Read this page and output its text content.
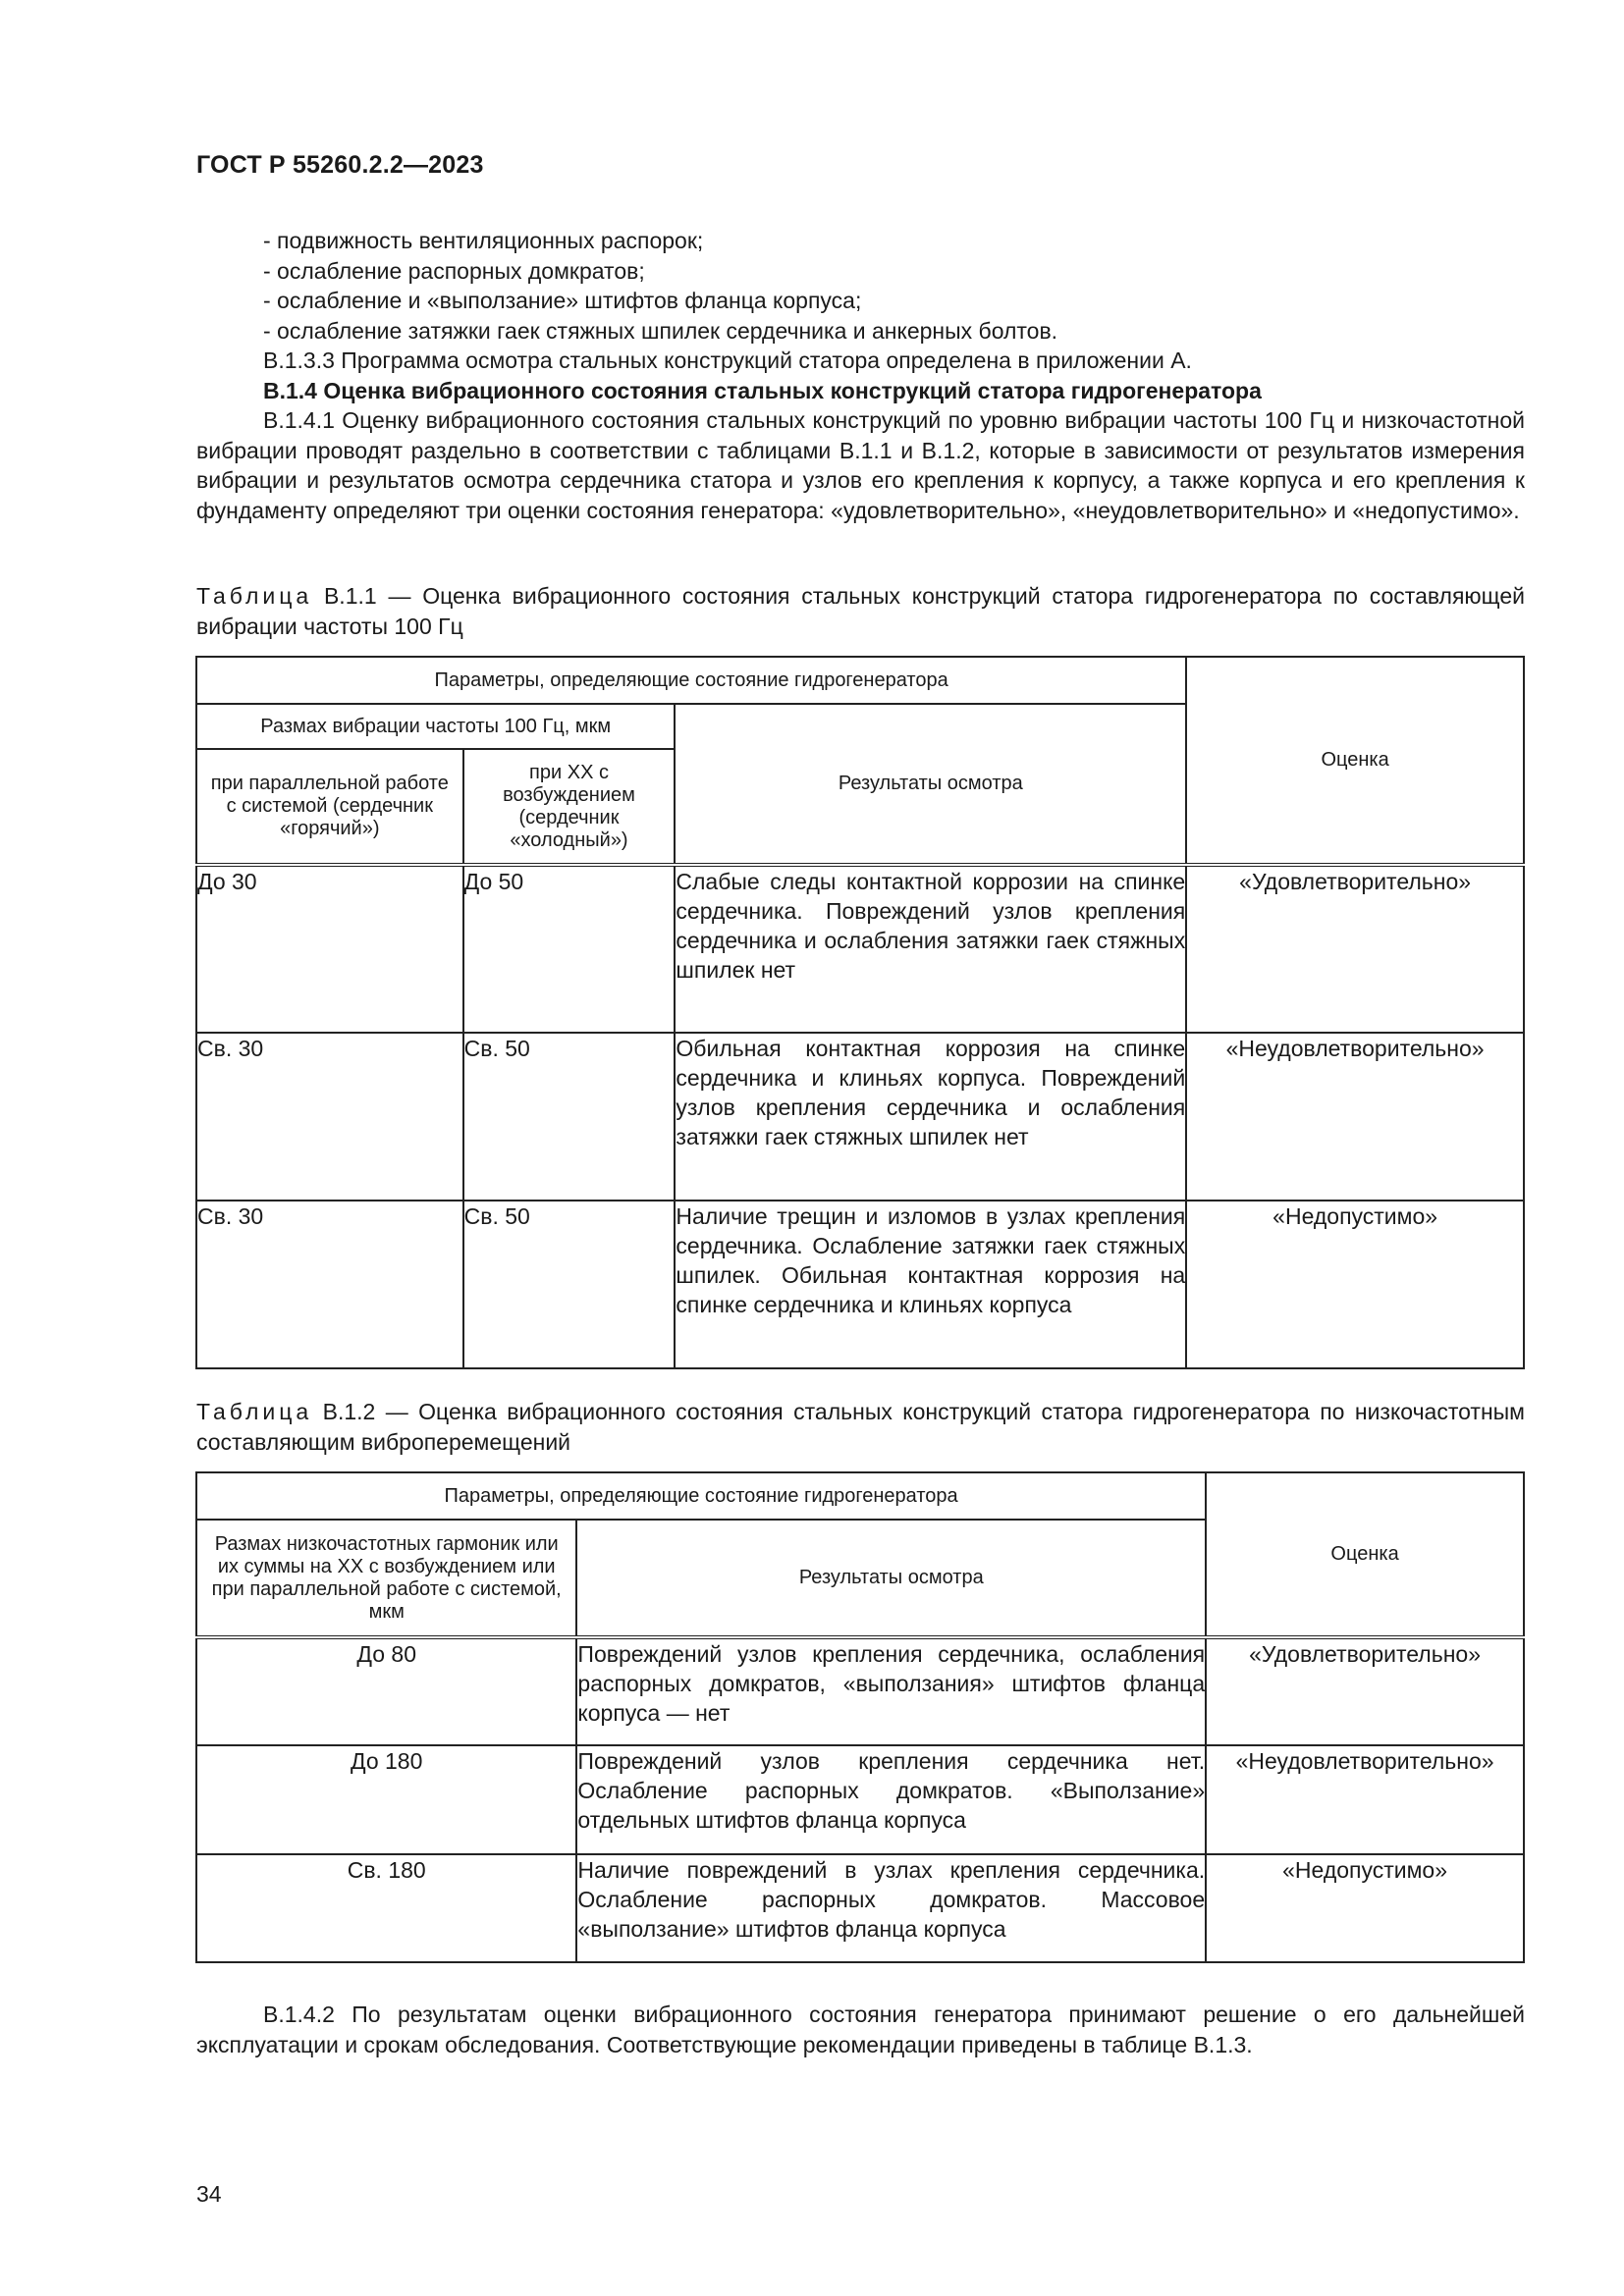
ГОСТ Р 55260.2.2—2023

- подвижность вентиляционных распорок;

- ослабление распорных домкратов;

- ослабление и «выползание» штифтов фланца корпуса;

- ослабление затяжки гаек стяжных шпилек сердечника и анкерных болтов.

В.1.3.3 Программа осмотра стальных конструкций статора определена в приложении А.

В.1.4 Оценка вибрационного состояния стальных конструкций статора гидрогенератора

В.1.4.1 Оценку вибрационного состояния стальных конструкций по уровню вибрации частоты 100 Гц и низкочастотной вибрации проводят раздельно в соответствии с таблицами В.1.1 и В.1.2, которые в зависимости от результатов измерения вибрации и результатов осмотра сердечника статора и узлов его крепления к корпусу, а также корпуса и его крепления к фундаменту определяют три оценки состояния генератора: «удовлетворительно», «неудовлетворительно» и «недопустимо».

Таблица В.1.1 — Оценка вибрационного состояния стальных конструкций статора гидрогенератора по составляющей вибрации частоты 100 Гц

Параметры, определяющие состояние гидрогенератора			Оценка
Размах вибрации частоты 100 Гц, мкм		Результаты осмотра	
при параллельной работе с системой (сердечник «горячий»)	при ХХ с возбуждением (сердечник «холодный»)		
До 30	До 50	Слабые следы контактной коррозии на спинке сердечника. Повреждений узлов крепления сердечника и ослабления затяжки гаек стяжных шпилек нет	«Удовлетворительно»
Св. 30	Св. 50	Обильная контактная коррозия на спинке сердечника и клиньях корпуса. Повреждений узлов крепления сердечника и ослабления затяжки гаек стяжных шпилек нет	«Неудовлетворительно»
Св. 30	Св. 50	Наличие трещин и изломов в узлах крепления сердечника. Ослабление затяжки гаек стяжных шпилек. Обильная контактная коррозия на спинке сердечника и клиньях корпуса	«Недопустимо»

Таблица В.1.2 — Оценка вибрационного состояния стальных конструкций статора гидрогенератора по низкочастотным составляющим виброперемещений

Параметры, определяющие состояние гидрогенератора		Оценка
Размах низкочастотных гармоник или их суммы на ХХ с возбуждением или при параллельной работе с системой, мкм	Результаты осмотра	
До 80	Повреждений узлов крепления сердечника, ослабления распорных домкратов, «выползания» штифтов фланца корпуса — нет	«Удовлетворительно»
До 180	Повреждений узлов крепления сердечника нет. Ослабление распорных домкратов. «Выползание» отдельных штифтов фланца корпуса	«Неудовлетворительно»
Св. 180	Наличие повреждений в узлах крепления сердечника. Ослабление распорных домкратов. Массовое «выползание» штифтов фланца корпуса	«Недопустимо»

В.1.4.2 По результатам оценки вибрационного состояния генератора принимают решение о его дальнейшей эксплуатации и срокам обследования. Соответствующие рекомендации приведены в таблице В.1.3.

34
